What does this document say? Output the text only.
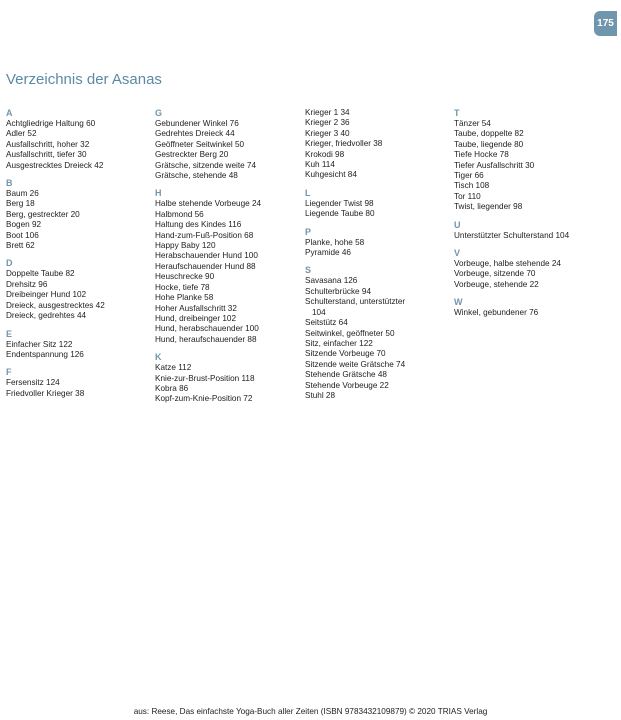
175
Verzeichnis der Asanas
A
Achtgliedrige Haltung 60
Adler 52
Ausfallschritt, hoher 32
Ausfallschritt, tiefer 30
Ausgestrecktes Dreieck 42
B
Baum 26
Berg 18
Berg, gestreckter 20
Bogen 92
Boot 106
Brett 62
D
Doppelte Taube 82
Drehsitz 96
Dreibeinger Hund 102
Dreieck, ausgestrecktes 42
Dreieck, gedrehtes 44
E
Einfacher Sitz 122
Endentspannung 126
F
Fersensitz 124
Friedvoller Krieger 38
G
Gebundener Winkel 76
Gedrehtes Dreieck 44
Geöffneter Seitwinkel 50
Gestreckter Berg 20
Grätsche, sitzende weite 74
Grätsche, stehende 48
H
Halbe stehende Vorbeuge 24
Halbmond 56
Haltung des Kindes 116
Hand-zum-Fuß-Position 68
Happy Baby 120
Herabschauender Hund 100
Heraufschauender Hund 88
Heuschrecke 90
Hocke, tiefe 78
Hohe Planke 58
Hoher Ausfallschritt 32
Hund, dreibeinger 102
Hund, herabschauender 100
Hund, heraufschauender 88
K
Katze 112
Knie-zur-Brust-Position 118
Kobra 86
Kopf-zum-Knie-Position 72
Krieger 1 34
Krieger 2 36
Krieger 3 40
Krieger, friedvoller 38
Krokodi 98
Kuh 114
Kuhgesicht 84
L
Liegender Twist 98
Liegende Taube 80
P
Planke, hohe 58
Pyramide 46
S
Savasana 126
Schulterbrücke 94
Schulterstand, unterstützter
104
Seitstütz 64
Seitwinkel, geöffneter 50
Sitz, einfacher 122
Sitzende Vorbeuge 70
Sitzende weite Grätsche 74
Stehende Grätsche 48
Stehende Vorbeuge 22
Stuhl 28
T
Tänzer 54
Taube, doppelte 82
Taube, liegende 80
Tiefe Hocke 78
Tiefer Ausfallschritt 30
Tiger 66
Tisch 108
Tor 110
Twist, liegender 98
U
Unterstützter Schulterstand 104
V
Vorbeuge, halbe stehende 24
Vorbeuge, sitzende 70
Vorbeuge, stehende 22
W
Winkel, gebundener 76
aus: Reese, Das einfachste Yoga-Buch aller Zeiten (ISBN 9783432109879) © 2020 TRIAS Verlag
